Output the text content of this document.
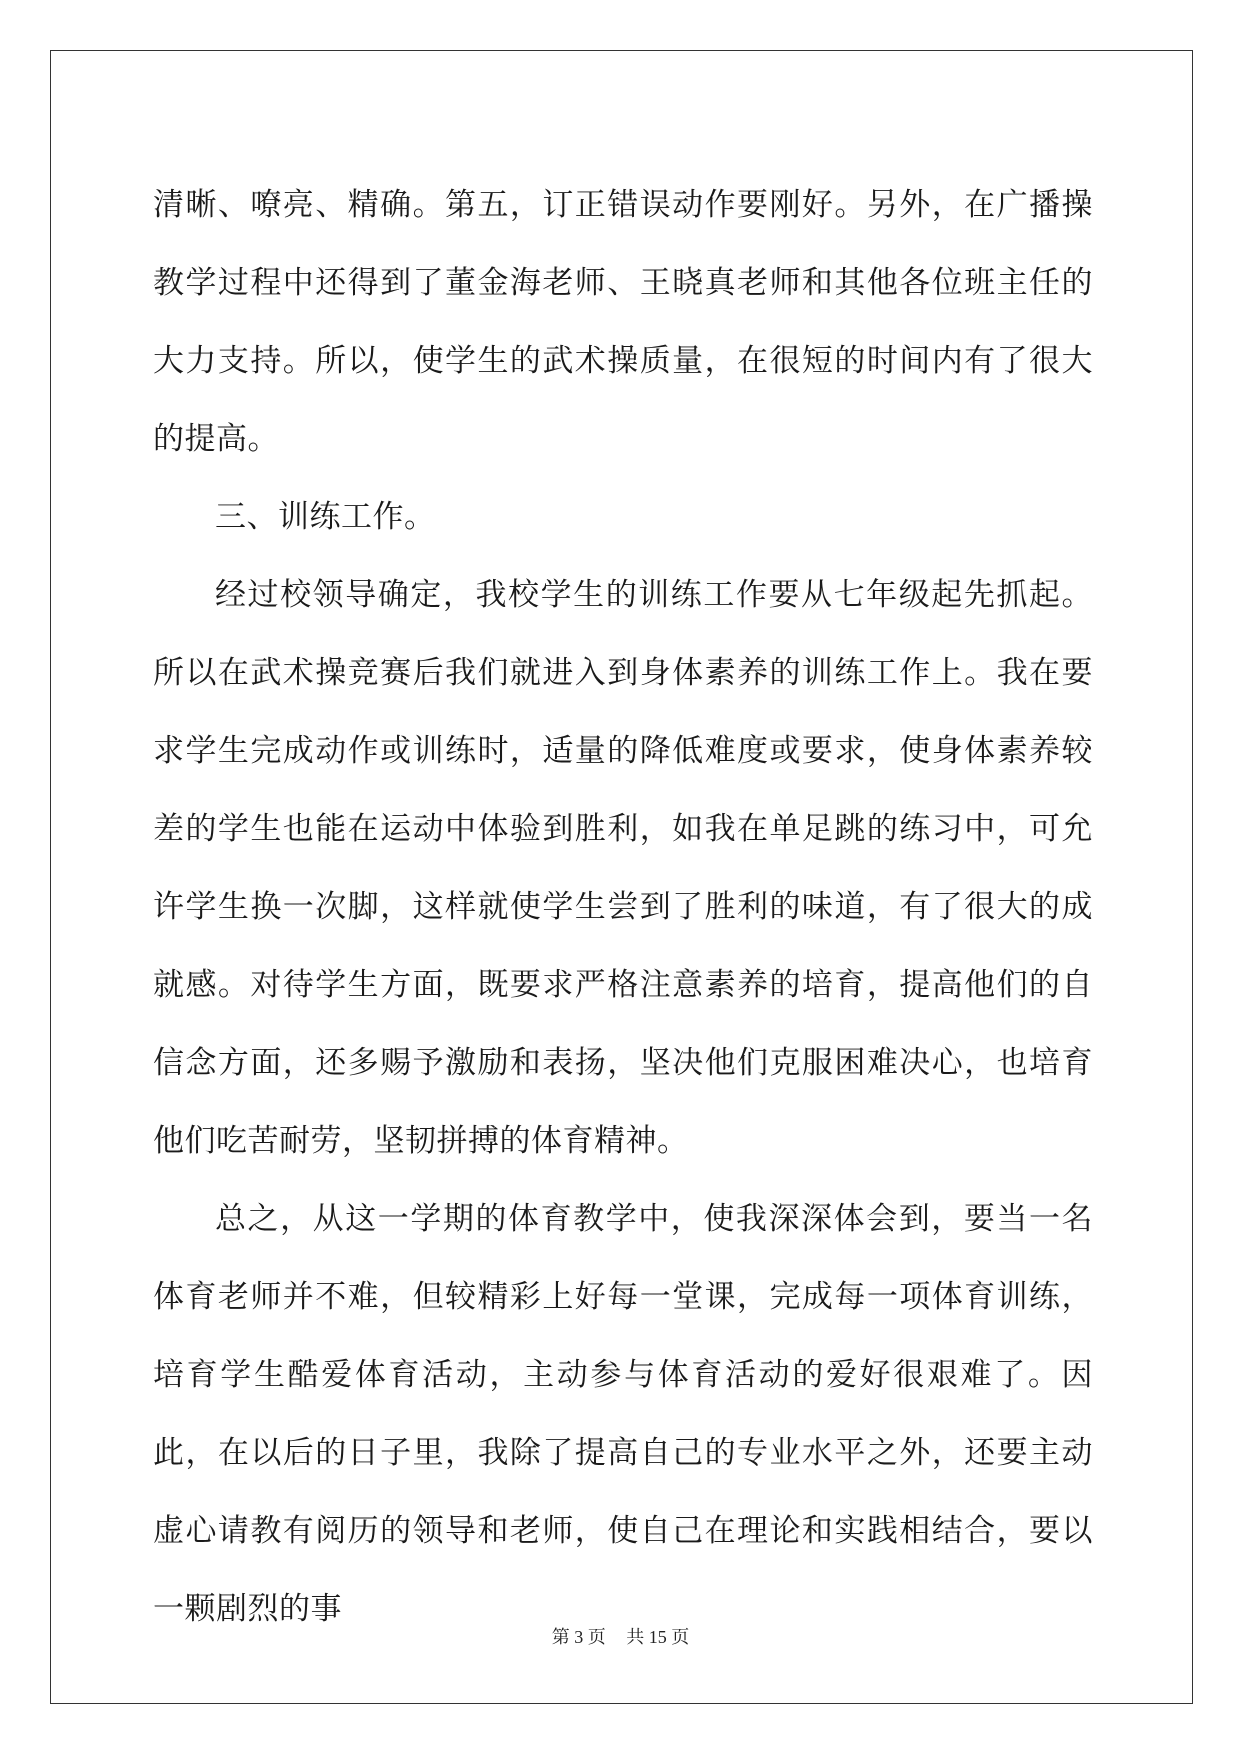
清晰、嘹亮、精确。第五，订正错误动作要刚好。另外，在广播操教学过程中还得到了董金海老师、王晓真老师和其他各位班主任的大力支持。所以，使学生的武术操质量，在很短的时间内有了很大的提高。

三、训练工作。

经过校领导确定，我校学生的训练工作要从七年级起先抓起。所以在武术操竞赛后我们就进入到身体素养的训练工作上。我在要求学生完成动作或训练时，适量的降低难度或要求，使身体素养较差的学生也能在运动中体验到胜利，如我在单足跳的练习中，可允许学生换一次脚，这样就使学生尝到了胜利的味道，有了很大的成就感。对待学生方面，既要求严格注意素养的培育，提高他们的自信念方面，还多赐予激励和表扬，坚决他们克服困难决心，也培育他们吃苦耐劳，坚韧拼搏的体育精神。

总之，从这一学期的体育教学中，使我深深体会到，要当一名体育老师并不难，但较精彩上好每一堂课，完成每一项体育训练，培育学生酷爱体育活动，主动参与体育活动的爱好很艰难了。因此，在以后的日子里，我除了提高自己的专业水平之外，还要主动虚心请教有阅历的领导和老师，使自己在理论和实践相结合，要以一颗剧烈的事

第 3 页 共 15 页
